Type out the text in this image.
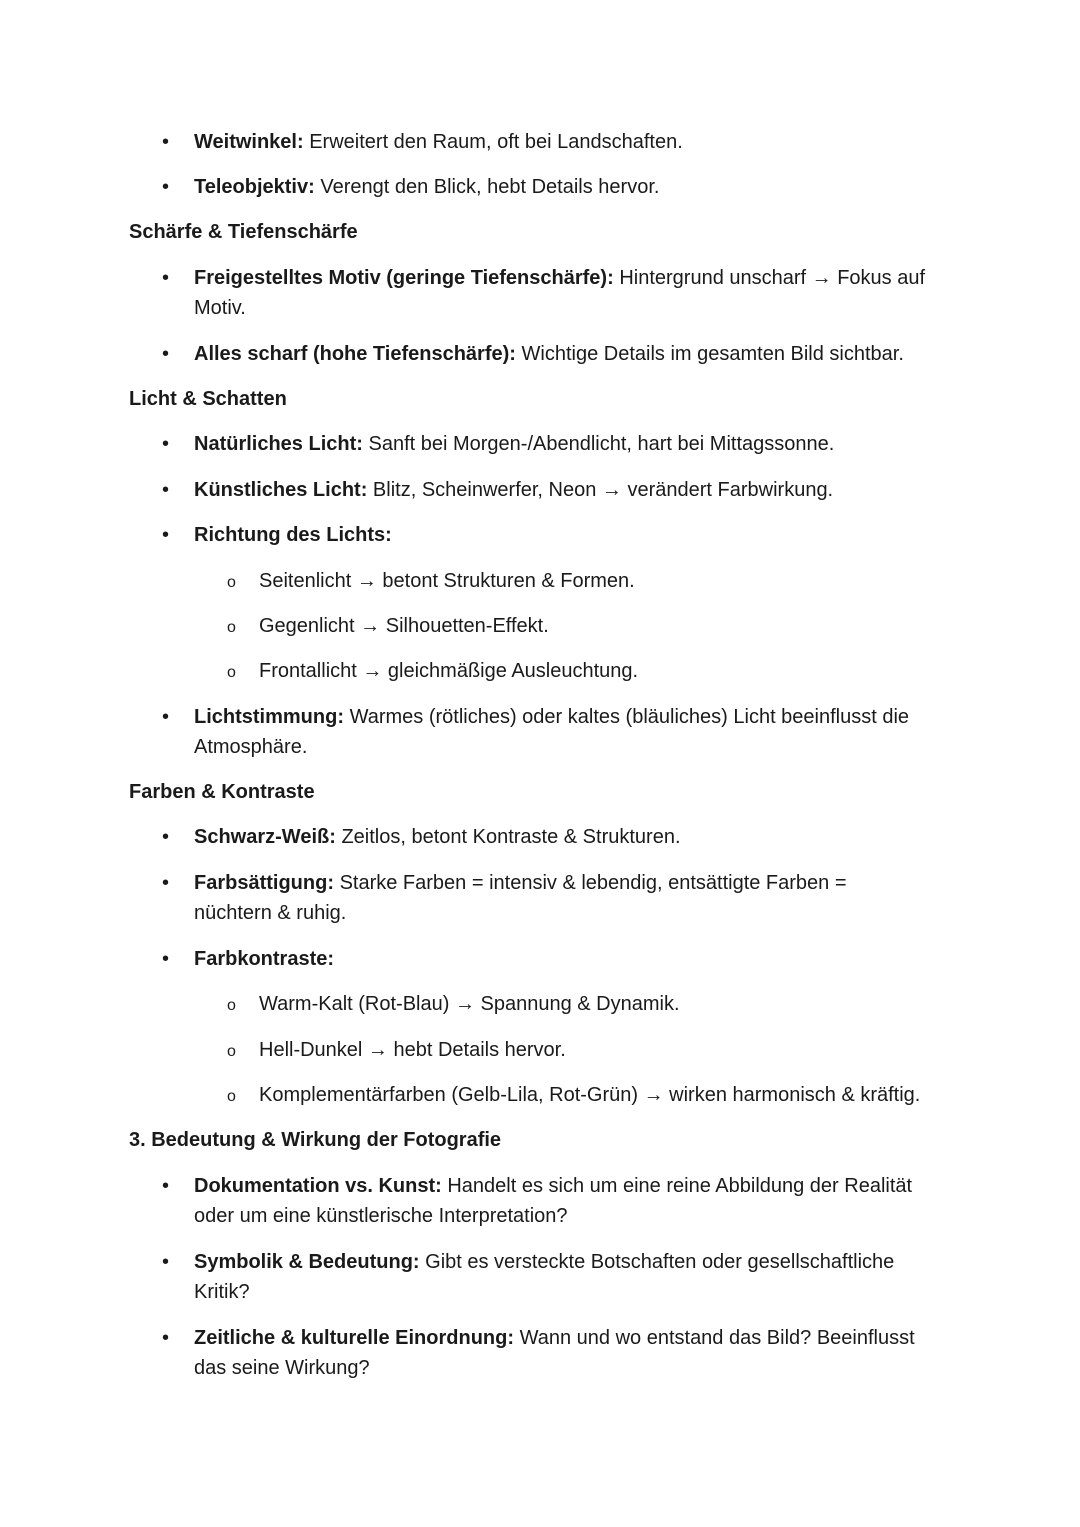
• Weitwinkel: Erweitert den Raum, oft bei Landschaften.
• Teleobjektiv: Verengt den Blick, hebt Details hervor.
Schärfe & Tiefenschärfe
• Freigestelltes Motiv (geringe Tiefenschärfe): Hintergrund unscharf → Fokus auf
Motiv.
• Alles scharf (hohe Tiefenschärfe): Wichtige Details im gesamten Bild sichtbar.
Licht & Schatten
• Natürliches Licht: Sanft bei Morgen-/Abendlicht, hart bei Mittagssonne.
• Künstliches Licht: Blitz, Scheinwerfer, Neon → verändert Farbwirkung.
• Richtung des Lichts:
o Seitenlicht → betont Strukturen & Formen.
o Gegenlicht → Silhouetten-Effekt.
o Frontallicht → gleichmäßige Ausleuchtung.
• Lichtstimmung: Warmes (rötliches) oder kaltes (bläuliches) Licht beeinflusst die
Atmosphäre.
Farben & Kontraste
• Schwarz-Weiß: Zeitlos, betont Kontraste & Strukturen.
• Farbsättigung: Starke Farben = intensiv & lebendig, entsättigte Farben =
nüchtern & ruhig.
• Farbkontraste:
o Warm-Kalt (Rot-Blau) → Spannung & Dynamik.
o Hell-Dunkel → hebt Details hervor.
o Komplementärfarben (Gelb-Lila, Rot-Grün) → wirken harmonisch & kräftig.
3. Bedeutung & Wirkung der Fotografie
• Dokumentation vs. Kunst: Handelt es sich um eine reine Abbildung der Realität
oder um eine künstlerische Interpretation?
• Symbolik & Bedeutung: Gibt es versteckte Botschaften oder gesellschaftliche
Kritik?
• Zeitliche & kulturelle Einordnung: Wann und wo entstand das Bild? Beeinflusst
das seine Wirkung?
